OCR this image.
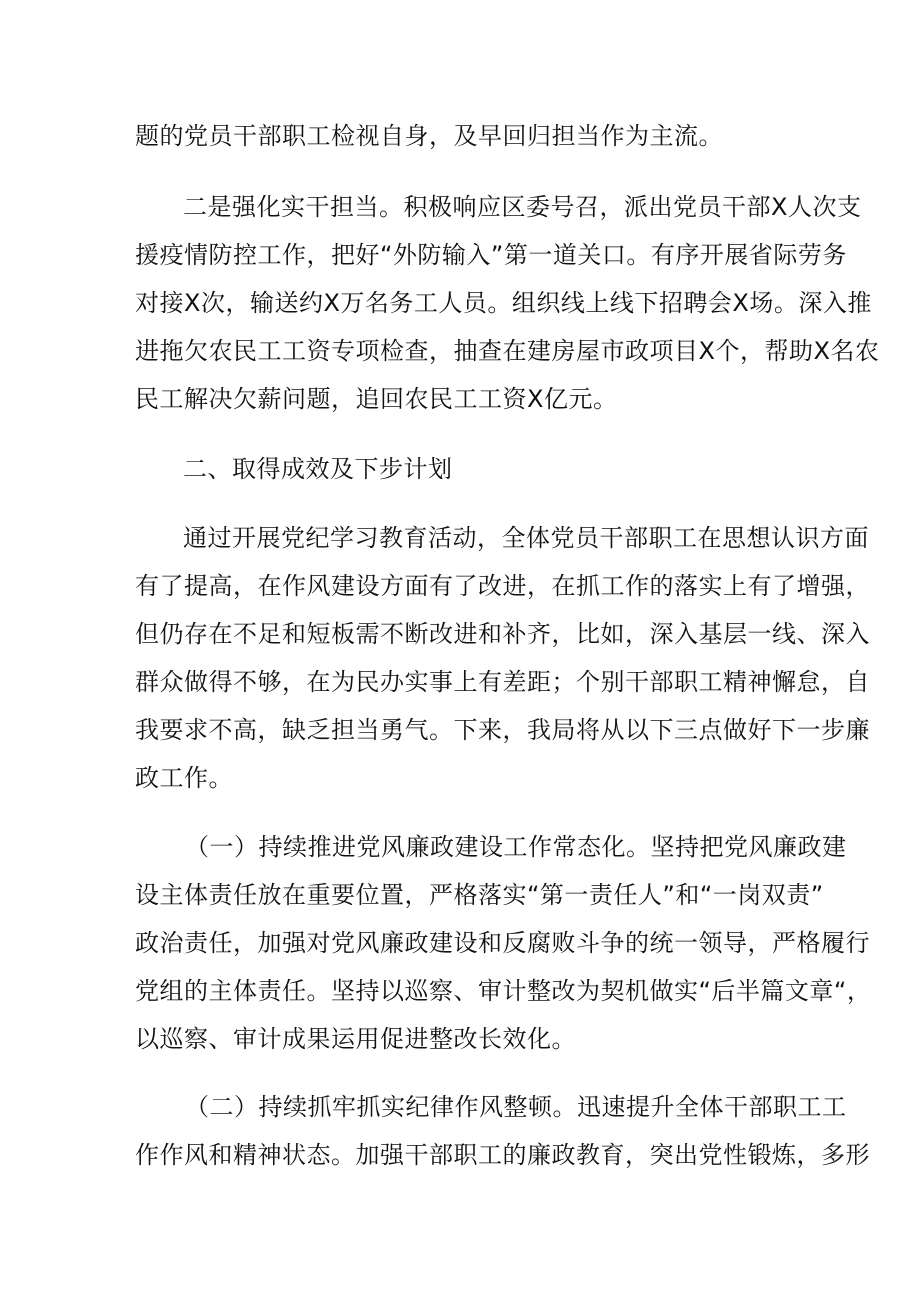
题的党员干部职工检视自身，及早回归担当作为主流。

二是强化实干担当。积极响应区委号召，派出党员干部X人次支

援疫情防控工作，把好“外防输入”第一道关口。有序开展省际劳务

对接X次，输送约X万名务工人员。组织线上线下招聘会X场。深入推

进拖欠农民工工资专项检查，抽查在建房屋市政项目X个，帮助X名农

民工解决欠薪问题，追回农民工工资X亿元。

二、取得成效及下步计划

通过开展党纪学习教育活动，全体党员干部职工在思想认识方面

有了提高，在作风建设方面有了改进，在抓工作的落实上有了增强，

但仍存在不足和短板需不断改进和补齐，比如，深入基层一线、深入

群众做得不够，在为民办实事上有差距；个别干部职工精神懈怠，自

我要求不高，缺乏担当勇气。下来，我局将从以下三点做好下一步廉

政工作。

（一）持续推进党风廉政建设工作常态化。坚持把党风廉政建

设主体责任放在重要位置，严格落实“第一责任人”和“一岗双责”

政治责任，加强对党风廉政建设和反腐败斗争的统一领导，严格履行

党组的主体责任。坚持以巡察、审计整改为契机做实“后半篇文章“，

以巡察、审计成果运用促进整改长效化。

（二）持续抓牢抓实纪律作风整顿。迅速提升全体干部职工工

作作风和精神状态。加强干部职工的廉政教育，突出党性锻炼，多形
